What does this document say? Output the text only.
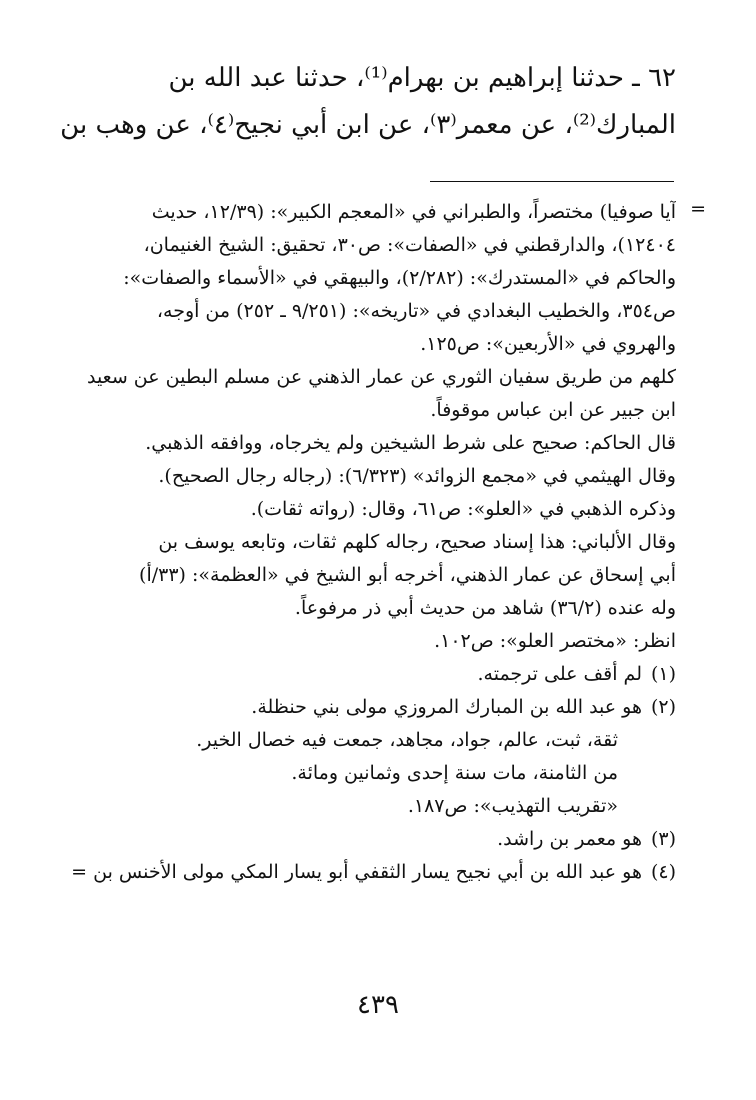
٦٢ ـ حدثنا إبراهيم بن بهرام⁽¹⁾، حدثنا عبد الله بن
المبارك⁽²⁾، عن معمر⁽٣⁾، عن ابن أبي نجيح⁽٤⁾، عن وهب بن
=
آيا صوفيا) مختصراً، والطبراني في «المعجم الكبير»: (١٢/٣٩، حديث
١٢٤٠٤)، والدارقطني في «الصفات»: ص٣٠، تحقيق: الشيخ الغنيمان،
والحاكم في «المستدرك»: (٢/٢٨٢)، والبيهقي في «الأسماء والصفات»:
ص٣٥٤، والخطيب البغدادي في «تاريخه»: (٩/٢٥١ ـ ٢٥٢) من أوجه،
والهروي في «الأربعين»: ص١٢٥.
كلهم من طريق سفيان الثوري عن عمار الذهني عن مسلم البطين عن سعيد
ابن جبير عن ابن عباس موقوفاً.
قال الحاكم: صحيح على شرط الشيخين ولم يخرجاه، ووافقه الذهبي.
وقال الهيثمي في «مجمع الزوائد» (٦/٣٢٣): (رجاله رجال الصحيح).
وذكره الذهبي في «العلو»: ص٦١، وقال: (رواته ثقات).
وقال الألباني: هذا إسناد صحيح، رجاله كلهم ثقات، وتابعه يوسف بن
أبي إسحاق عن عمار الذهني، أخرجه أبو الشيخ في «العظمة»: (٣٣/أ)
وله عنده (٣٦/٢) شاهد من حديث أبي ذر مرفوعاً.
انظر: «مختصر العلو»: ص١٠٢.
(١)
لم أقف على ترجمته.
(٢)
هو عبد الله بن المبارك المروزي مولى بني حنظلة.
ثقة، ثبت، عالم، جواد، مجاهد، جمعت فيه خصال الخير.
من الثامنة، مات سنة إحدى وثمانين ومائة.
«تقريب التهذيب»: ص١٨٧.
(٣)
هو معمر بن راشد.
(٤)
هو عبد الله بن أبي نجيح يسار الثقفي أبو يسار المكي مولى الأخنس بن =
٤٣٩
